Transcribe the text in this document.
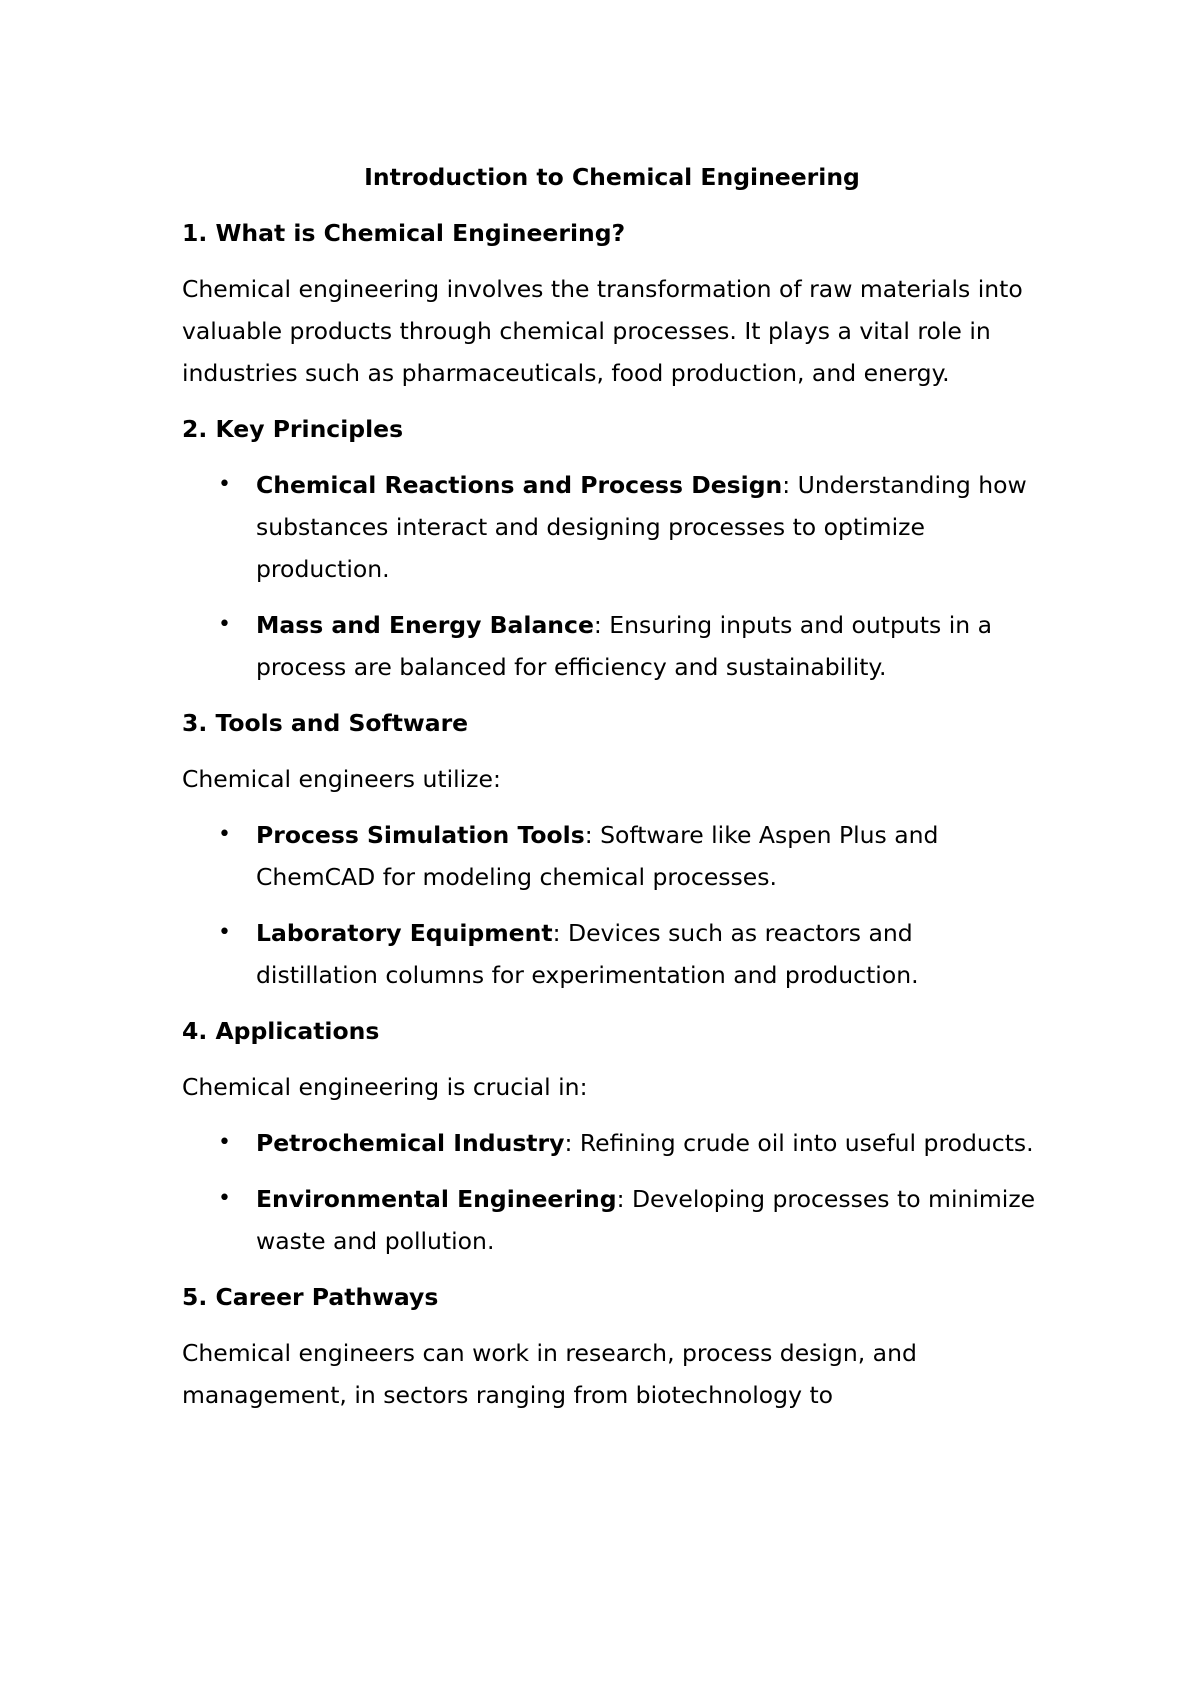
Introduction to Chemical Engineering
1. What is Chemical Engineering?

Chemical engineering involves the transformation of raw materials into valuable products through chemical processes. It plays a vital role in industries such as pharmaceuticals, food production, and energy.

2. Key Principles
• Chemical Reactions and Process Design: Understanding how substances interact and designing processes to optimize production.
• Mass and Energy Balance: Ensuring inputs and outputs in a process are balanced for efficiency and sustainability.
3. Tools and Software

Chemical engineers utilize:

• Process Simulation Tools: Software like Aspen Plus and ChemCAD for modeling chemical processes.
• Laboratory Equipment: Devices such as reactors and distillation columns for experimentation and production.
4. Applications

Chemical engineering is crucial in:

• Petrochemical Industry: Refining crude oil into useful products.
• Environmental Engineering: Developing processes to minimize waste and pollution.
5. Career Pathways

Chemical engineers can work in research, process design, and management, in sectors ranging from biotechnology to
